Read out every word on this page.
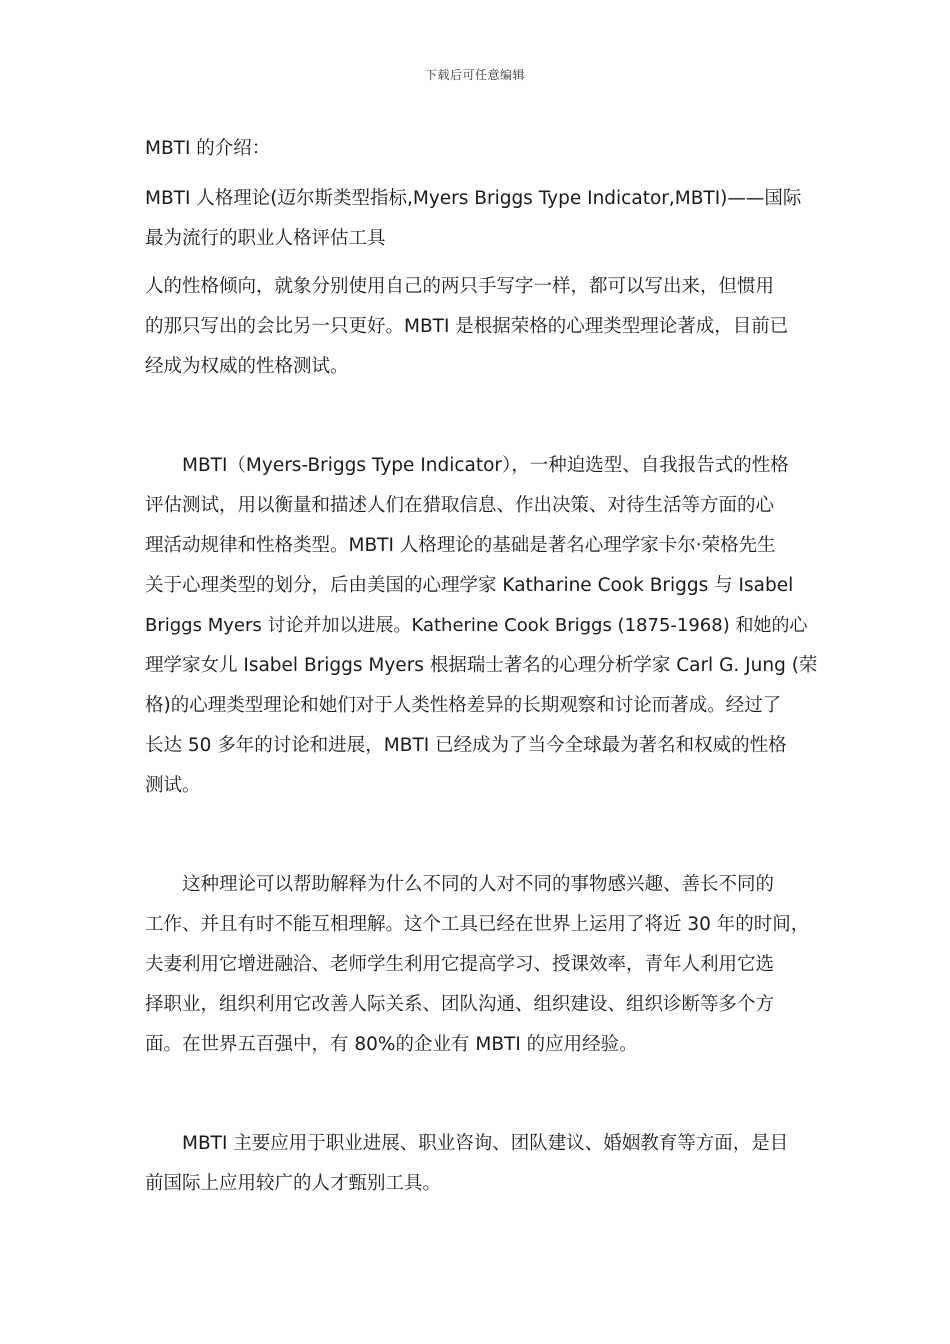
下载后可任意编辑
MBTI 的介绍：
MBTI 人格理论(迈尔斯类型指标,Myers Briggs Type Indicator,MBTI)——国际
最为流行的职业人格评估工具
人的性格倾向，就象分别使用自己的两只手写字一样，都可以写出来，但惯用
的那只写出的会比另一只更好。MBTI 是根据荣格的心理类型理论著成，目前已
经成为权威的性格测试。
MBTI（Myers-Briggs Type Indicator），一种迫选型、自我报告式的性格
评估测试，用以衡量和描述人们在猎取信息、作出决策、对待生活等方面的心
理活动规律和性格类型。MBTI 人格理论的基础是著名心理学家卡尔·荣格先生
关于心理类型的划分，后由美国的心理学家 Katharine Cook Briggs 与 Isabel
Briggs Myers 讨论并加以进展。Katherine Cook Briggs (1875-1968) 和她的心
理学家女儿 Isabel Briggs Myers 根据瑞士著名的心理分析学家 Carl G. Jung (荣
格)的心理类型理论和她们对于人类性格差异的长期观察和讨论而著成。经过了
长达 50 多年的讨论和进展，MBTI 已经成为了当今全球最为著名和权威的性格
测试。
这种理论可以帮助解释为什么不同的人对不同的事物感兴趣、善长不同的
工作、并且有时不能互相理解。这个工具已经在世界上运用了将近 30 年的时间，
夫妻利用它增进融洽、老师学生利用它提高学习、授课效率，青年人利用它选
择职业，组织利用它改善人际关系、团队沟通、组织建设、组织诊断等多个方
面。在世界五百强中，有 80%的企业有 MBTI 的应用经验。
MBTI 主要应用于职业进展、职业咨询、团队建议、婚姻教育等方面，是目
前国际上应用较广的人才甄别工具。
